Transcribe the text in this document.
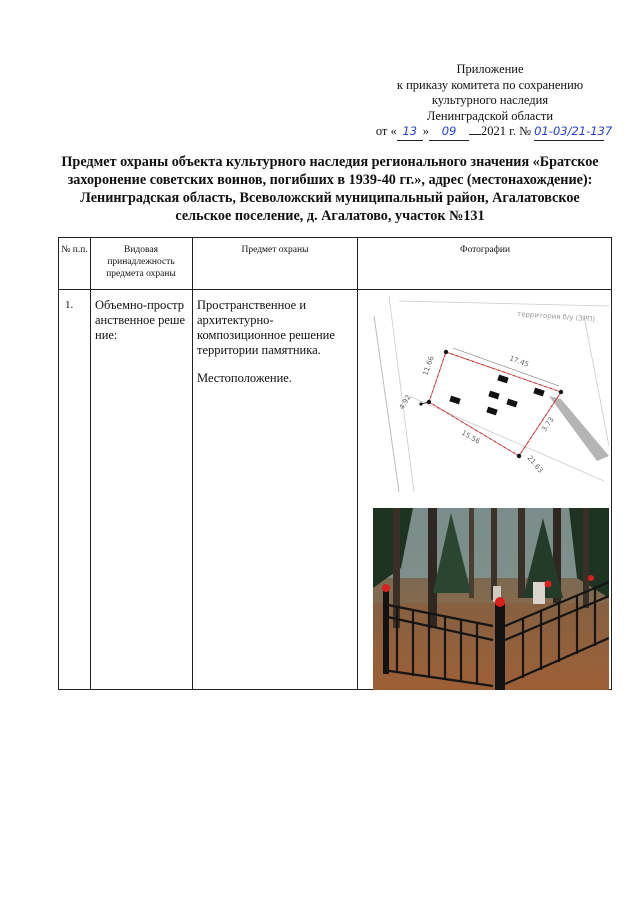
Приложение
к приказу комитета по сохранению
культурного наследия
Ленинградской области
от « 13 » 09 2021 г. № 01-03/21-137
Предмет охраны объекта культурного наследия регионального значения «Братское захоронение советских воинов, погибших в 1939-40 гг.», адрес (местонахождение): Ленинградская область, Всеволожский муниципальный район, Агалатовское сельское поселение, д. Агалатово, участок №131
№ п.п.	Видовая принадлежность предмета охраны
Предмет охраны	Фотографии
1. Объемно-пространственное решение:
Пространственное и архитектурно-композиционное решение территории памятника.
Местоположение.
территория б/у (ЗРП)
17.45
11.66
4.92
15.56
21.63
3.73
